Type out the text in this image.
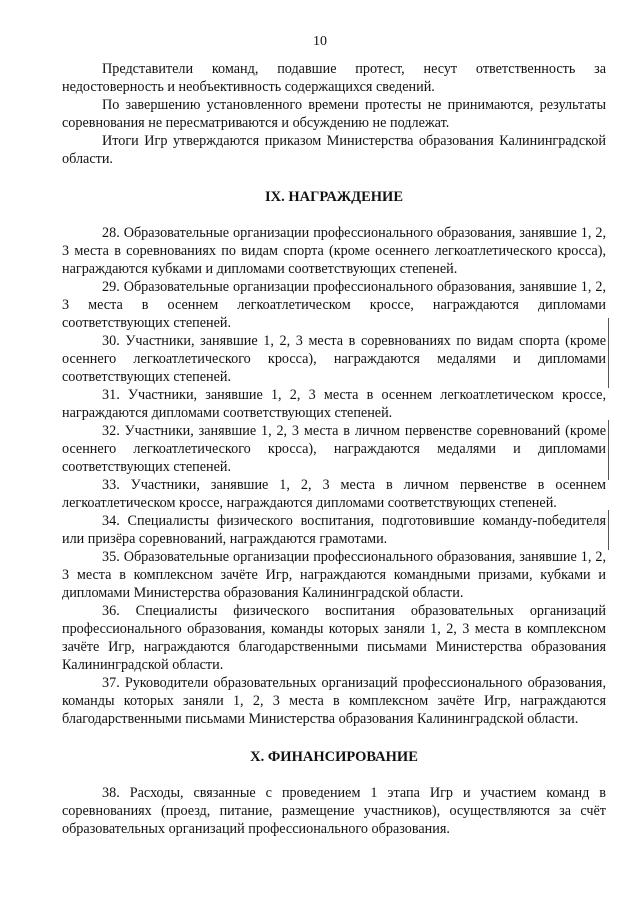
10

Представители команд, подавшие протест, несут ответственность за недостоверность и необъективность содержащихся сведений.

По завершению установленного времени протесты не принимаются, результаты соревнования не пересматриваются и обсуждению не подлежат.

Итоги Игр утверждаются приказом Министерства образования Калининградской области.

IX. НАГРАЖДЕНИЕ

28. Образовательные организации профессионального образования, занявшие 1, 2, 3 места в соревнованиях по видам спорта (кроме осеннего легкоатлетического кросса), награждаются кубками и дипломами соответствующих степеней.

29. Образовательные организации профессионального образования, занявшие 1, 2, 3 места в осеннем легкоатлетическом кроссе, награждаются дипломами соответствующих степеней.

30. Участники, занявшие 1, 2, 3 места в соревнованиях по видам спорта (кроме осеннего легкоатлетического кросса), награждаются медалями и дипломами соответствующих степеней.

31. Участники, занявшие 1, 2, 3 места в осеннем легкоатлетическом кроссе, награждаются дипломами соответствующих степеней.

32. Участники, занявшие 1, 2, 3 места в личном первенстве соревнований (кроме осеннего легкоатлетического кросса), награждаются медалями и дипломами соответствующих степеней.

33. Участники, занявшие 1, 2, 3 места в личном первенстве в осеннем легкоатлетическом кроссе, награждаются дипломами соответствующих степеней.

34. Специалисты физического воспитания, подготовившие команду-победителя или призёра соревнований, награждаются грамотами.

35. Образовательные организации профессионального образования, занявшие 1, 2, 3 места в комплексном зачёте Игр, награждаются командными призами, кубками и дипломами Министерства образования Калининградской области.

36. Специалисты физического воспитания образовательных организаций профессионального образования, команды которых заняли 1, 2, 3 места в комплексном зачёте Игр, награждаются благодарственными письмами Министерства образования Калининградской области.

37. Руководители образовательных организаций профессионального образования, команды которых заняли 1, 2, 3 места в комплексном зачёте Игр, награждаются благодарственными письмами Министерства образования Калининградской области.

X. ФИНАНСИРОВАНИЕ

38. Расходы, связанные с проведением 1 этапа Игр и участием команд в соревнованиях (проезд, питание, размещение участников), осуществляются за счёт образовательных организаций профессионального образования.
